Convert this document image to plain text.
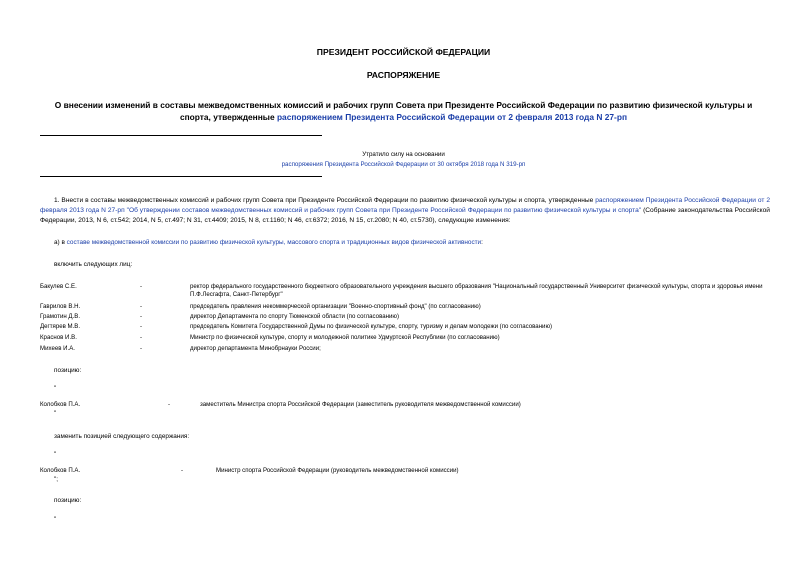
ПРЕЗИДЕНТ РОССИЙСКОЙ ФЕДЕРАЦИИ
РАСПОРЯЖЕНИЕ
О внесении изменений в составы межведомственных комиссий и рабочих групп Совета при Президенте Российской Федерации по развитию физической культуры и спорта, утвержденные распоряжением Президента Российской Федерации от 2 февраля 2013 года N 27-рп
Утратило силу на основании
распоряжения Президента Российской Федерации от 30 октября 2018 года N 319-рп
1. Внести в составы межведомственных комиссий и рабочих групп Совета при Президенте Российской Федерации по развитию физической культуры и спорта, утвержденные распоряжением Президента Российской Федерации от 2 февраля 2013 года N 27-рп "Об утверждении составов межведомственных комиссий и рабочих групп Совета при Президенте Российской Федерации по развитию физической культуры и спорта" (Собрание законодательства Российской Федерации, 2013, N 6, ст.542; 2014, N 5, ст.497; N 31, ст.4409; 2015, N 8, ст.1160; N 46, ст.6372; 2016, N 15, ст.2080; N 40, ст.5730), следующие изменения:
а) в составе межведомственной комиссии по развитию физической культуры, массового спорта и традиционных видов физической активности:
включить следующих лиц:
Бакулев С.Е.	-	ректор федерального государственного бюджетного образовательного учреждения высшего образования "Национальный государственный Университет физической культуры, спорта и здоровья имени П.Ф.Лесгафта, Санкт-Петербург"
Гаврилов В.Н.	-	председатель правления некоммерческой организации "Военно-спортивный фонд" (по согласованию)
Грамотин Д.В.	-	директор Департамента по спорту Тюменской области (по согласованию)
Дегтярев М.В.	-	председатель Комитета Государственной Думы по физической культуре, спорту, туризму и делам молодежи (по согласованию)
Краснов И.В.	-	Министр по физической культуре, спорту и молодежной политике Удмуртской Республики (по согласованию)
Михеев И.А.	-	директор департамента Минобрнауки России;
позицию:
"
Колобков П.А.	-	заместитель Министра спорта Российской Федерации (заместитель руководителя межведомственной комиссии)
"
заменить позицией следующего содержания:
"
Колобков П.А.	-	Министр спорта Российской Федерации (руководитель межведомственной комиссии)
";
позицию:
"
